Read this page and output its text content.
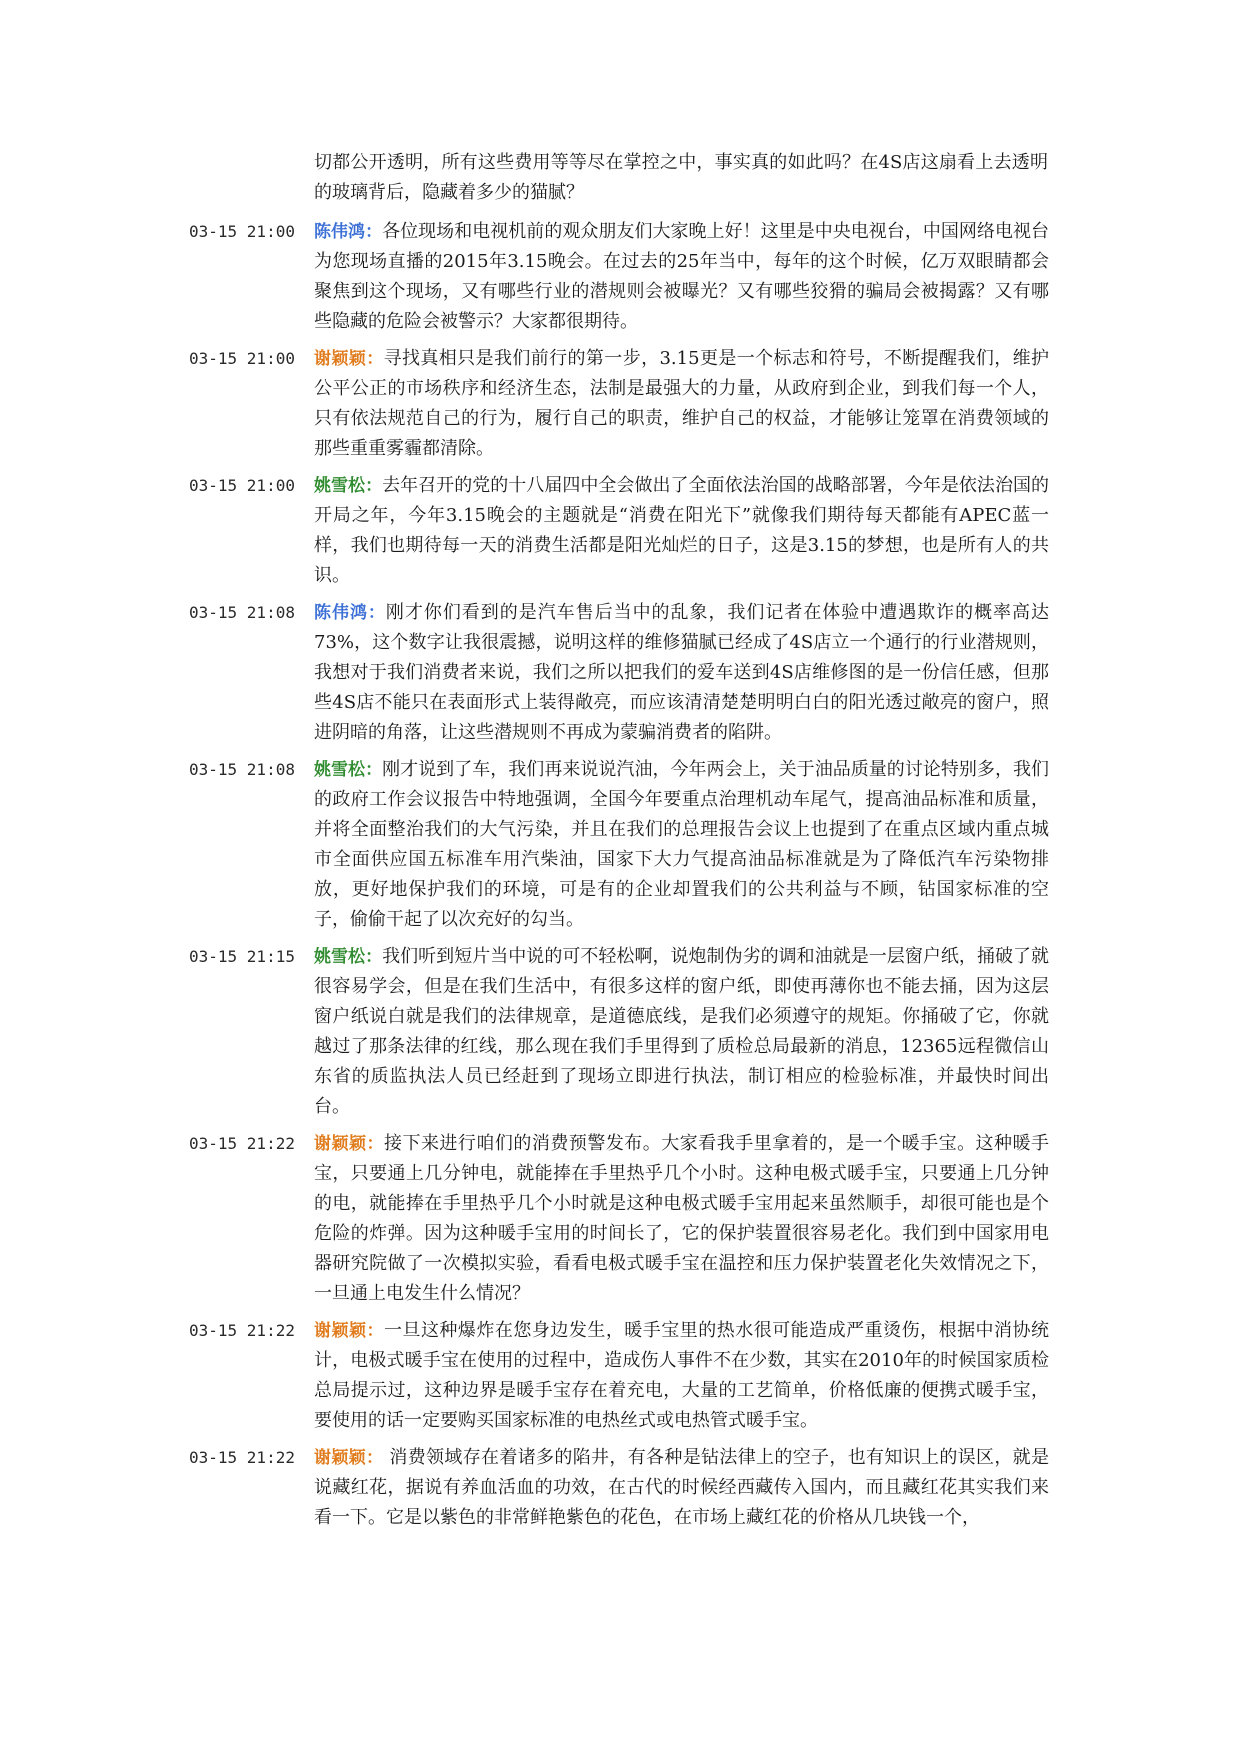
切都公开透明，所有这些费用等等尽在掌控之中，事实真的如此吗？在4S店这扇看上去透明的玻璃背后，隐藏着多少的猫腻？

03-15 21:00	陈伟鸿：各位现场和电视机前的观众朋友们大家晚上好！这里是中央电视台，中国网络电视台为您现场直播的2015年3.15晚会。在过去的25年当中，每年的这个时候，亿万双眼睛都会聚焦到这个现场，又有哪些行业的潜规则会被曝光？又有哪些狡猾的骗局会被揭露？又有哪些隐藏的危险会被警示？大家都很期待。

03-15 21:00	谢颖颖：寻找真相只是我们前行的第一步，3.15更是一个标志和符号，不断提醒我们，维护公平公正的市场秩序和经济生态，法制是最强大的力量，从政府到企业，到我们每一个人，只有依法规范自己的行为，履行自己的职责，维护自己的权益，才能够让笼罩在消费领域的那些重重雾霾都清除。

03-15 21:00	姚雪松：去年召开的党的十八届四中全会做出了全面依法治国的战略部署，今年是依法治国的开局之年，今年3.15晚会的主题就是“消费在阳光下”就像我们期待每天都能有APEC蓝一样，我们也期待每一天的消费生活都是阳光灿烂的日子，这是3.15的梦想，也是所有人的共识。

03-15 21:08	陈伟鸿：刚才你们看到的是汽车售后当中的乱象，我们记者在体验中遭遇欺诈的概率高达73%，这个数字让我很震撼，说明这样的维修猫腻已经成了4S店立一个通行的行业潜规则，我想对于我们消费者来说，我们之所以把我们的爱车送到4S店维修图的是一份信任感，但那些4S店不能只在表面形式上装得敞亮，而应该清清楚楚明明白白的阳光透过敞亮的窗户，照进阴暗的角落，让这些潜规则不再成为蒙骗消费者的陷阱。

03-15 21:08	姚雪松：刚才说到了车，我们再来说说汽油，今年两会上，关于油品质量的讨论特别多，我们的政府工作会议报告中特地强调，全国今年要重点治理机动车尾气，提高油品标准和质量，并将全面整治我们的大气污染，并且在我们的总理报告会议上也提到了在重点区域内重点城市全面供应国五标准车用汽柴油，国家下大力气提高油品标准就是为了降低汽车污染物排放，更好地保护我们的环境，可是有的企业却置我们的公共利益与不顾，钻国家标准的空子，偷偷干起了以次充好的勾当。

03-15 21:15	姚雪松：我们听到短片当中说的可不轻松啊，说炮制伪劣的调和油就是一层窗户纸，捅破了就很容易学会，但是在我们生活中，有很多这样的窗户纸，即使再薄你也不能去捅，因为这层窗户纸说白就是我们的法律规章，是道德底线，是我们必须遵守的规矩。你捅破了它，你就越过了那条法律的红线，那么现在我们手里得到了质检总局最新的消息，12365远程微信山东省的质监执法人员已经赶到了现场立即进行执法，制订相应的检验标准，并最快时间出台。

03-15 21:22	谢颖颖：接下来进行咱们的消费预警发布。大家看我手里拿着的，是一个暖手宝。这种暖手宝，只要通上几分钟电，就能捧在手里热乎几个小时。这种电极式暖手宝，只要通上几分钟的电，就能捧在手里热乎几个小时就是这种电极式暖手宝用起来虽然顺手，却很可能也是个危险的炸弹。因为这种暖手宝用的时间长了，它的保护装置很容易老化。我们到中国家用电器研究院做了一次模拟实验，看看电极式暖手宝在温控和压力保护装置老化失效情况之下，一旦通上电发生什么情况？

03-15 21:22	谢颖颖：一旦这种爆炸在您身边发生，暖手宝里的热水很可能造成严重烫伤，根据中消协统计，电极式暖手宝在使用的过程中，造成伤人事件不在少数，其实在2010年的时候国家质检总局提示过，这种边界是暖手宝存在着充电，大量的工艺简单，价格低廉的便携式暖手宝，要使用的话一定要购买国家标准的电热丝式或电热管式暖手宝。

03-15 21:22	谢颖颖： 消费领域存在着诸多的陷井，有各种是钻法律上的空子，也有知识上的误区，就是说藏红花，据说有养血活血的功效，在古代的时候经西藏传入国内，而且藏红花其实我们来看一下。它是以紫色的非常鲜艳紫色的花色，在市场上藏红花的价格从几块钱一个，
